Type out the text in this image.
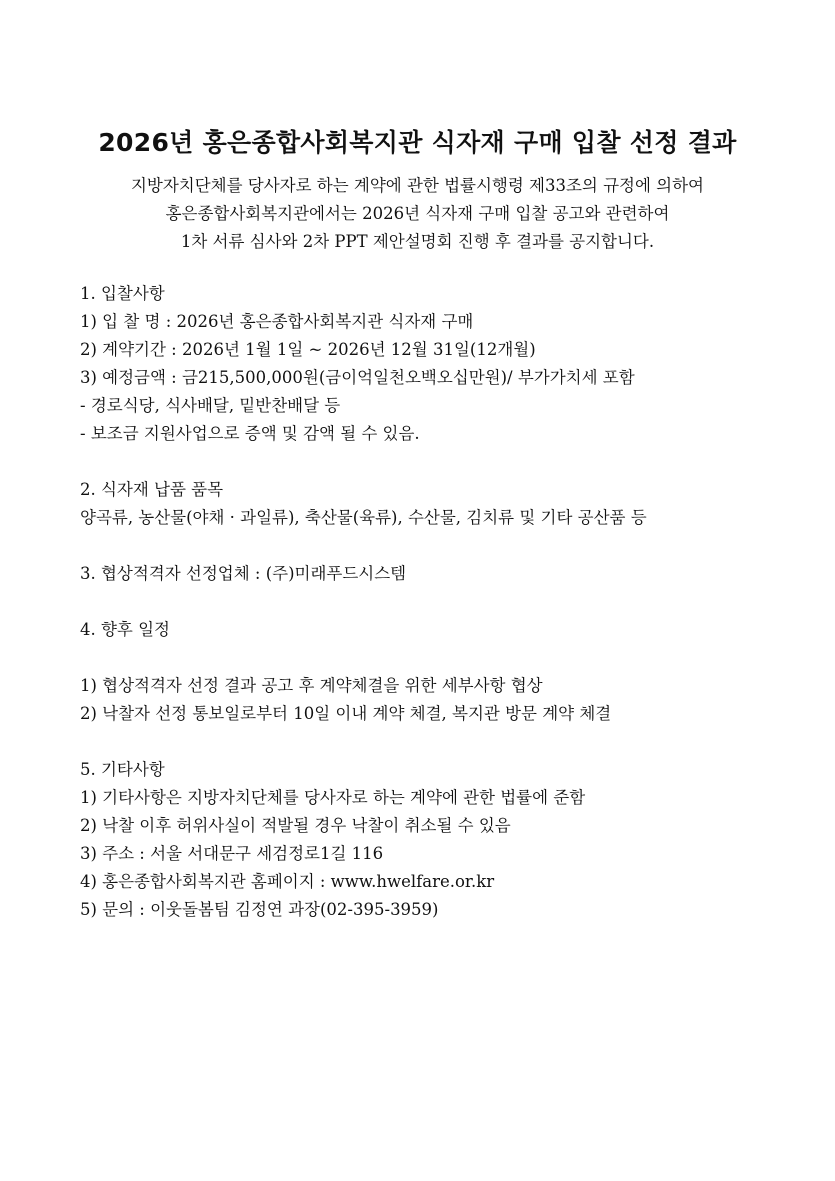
2026년 홍은종합사회복지관 식자재 구매 입찰 선정 결과
지방자치단체를 당사자로 하는 계약에 관한 법률시행령 제33조의 규정에 의하여
홍은종합사회복지관에서는 2026년 식자재 구매 입찰 공고와 관련하여
1차 서류 심사와 2차 PPT 제안설명회 진행 후 결과를 공지합니다.
1. 입찰사항
1) 입 찰 명 : 2026년 홍은종합사회복지관 식자재 구매
2) 계약기간 : 2026년 1월 1일 ~ 2026년 12월 31일(12개월)
3) 예정금액 : 금215,500,000원(금이억일천오백오십만원)/ 부가가치세 포함
- 경로식당, 식사배달, 밑반찬배달 등
- 보조금 지원사업으로 증액 및 감액 될 수 있음.
2. 식자재 납품 품목
양곡류, 농산물(야채 · 과일류), 축산물(육류), 수산물, 김치류 및 기타 공산품 등
3. 협상적격자 선정업체 : (주)미래푸드시스템
4. 향후 일정
1) 협상적격자 선정 결과 공고 후 계약체결을 위한 세부사항 협상
2) 낙찰자 선정 통보일로부터 10일 이내 계약 체결, 복지관 방문 계약 체결
5. 기타사항
1) 기타사항은 지방자치단체를 당사자로 하는 계약에 관한 법률에 준함
2) 낙찰 이후 허위사실이 적발될 경우 낙찰이 취소될 수 있음
3) 주소 : 서울 서대문구 세검정로1길 116
4) 홍은종합사회복지관 홈페이지 : www.hwelfare.or.kr
5) 문의 : 이웃돌봄팀 김정연 과장(02-395-3959)
